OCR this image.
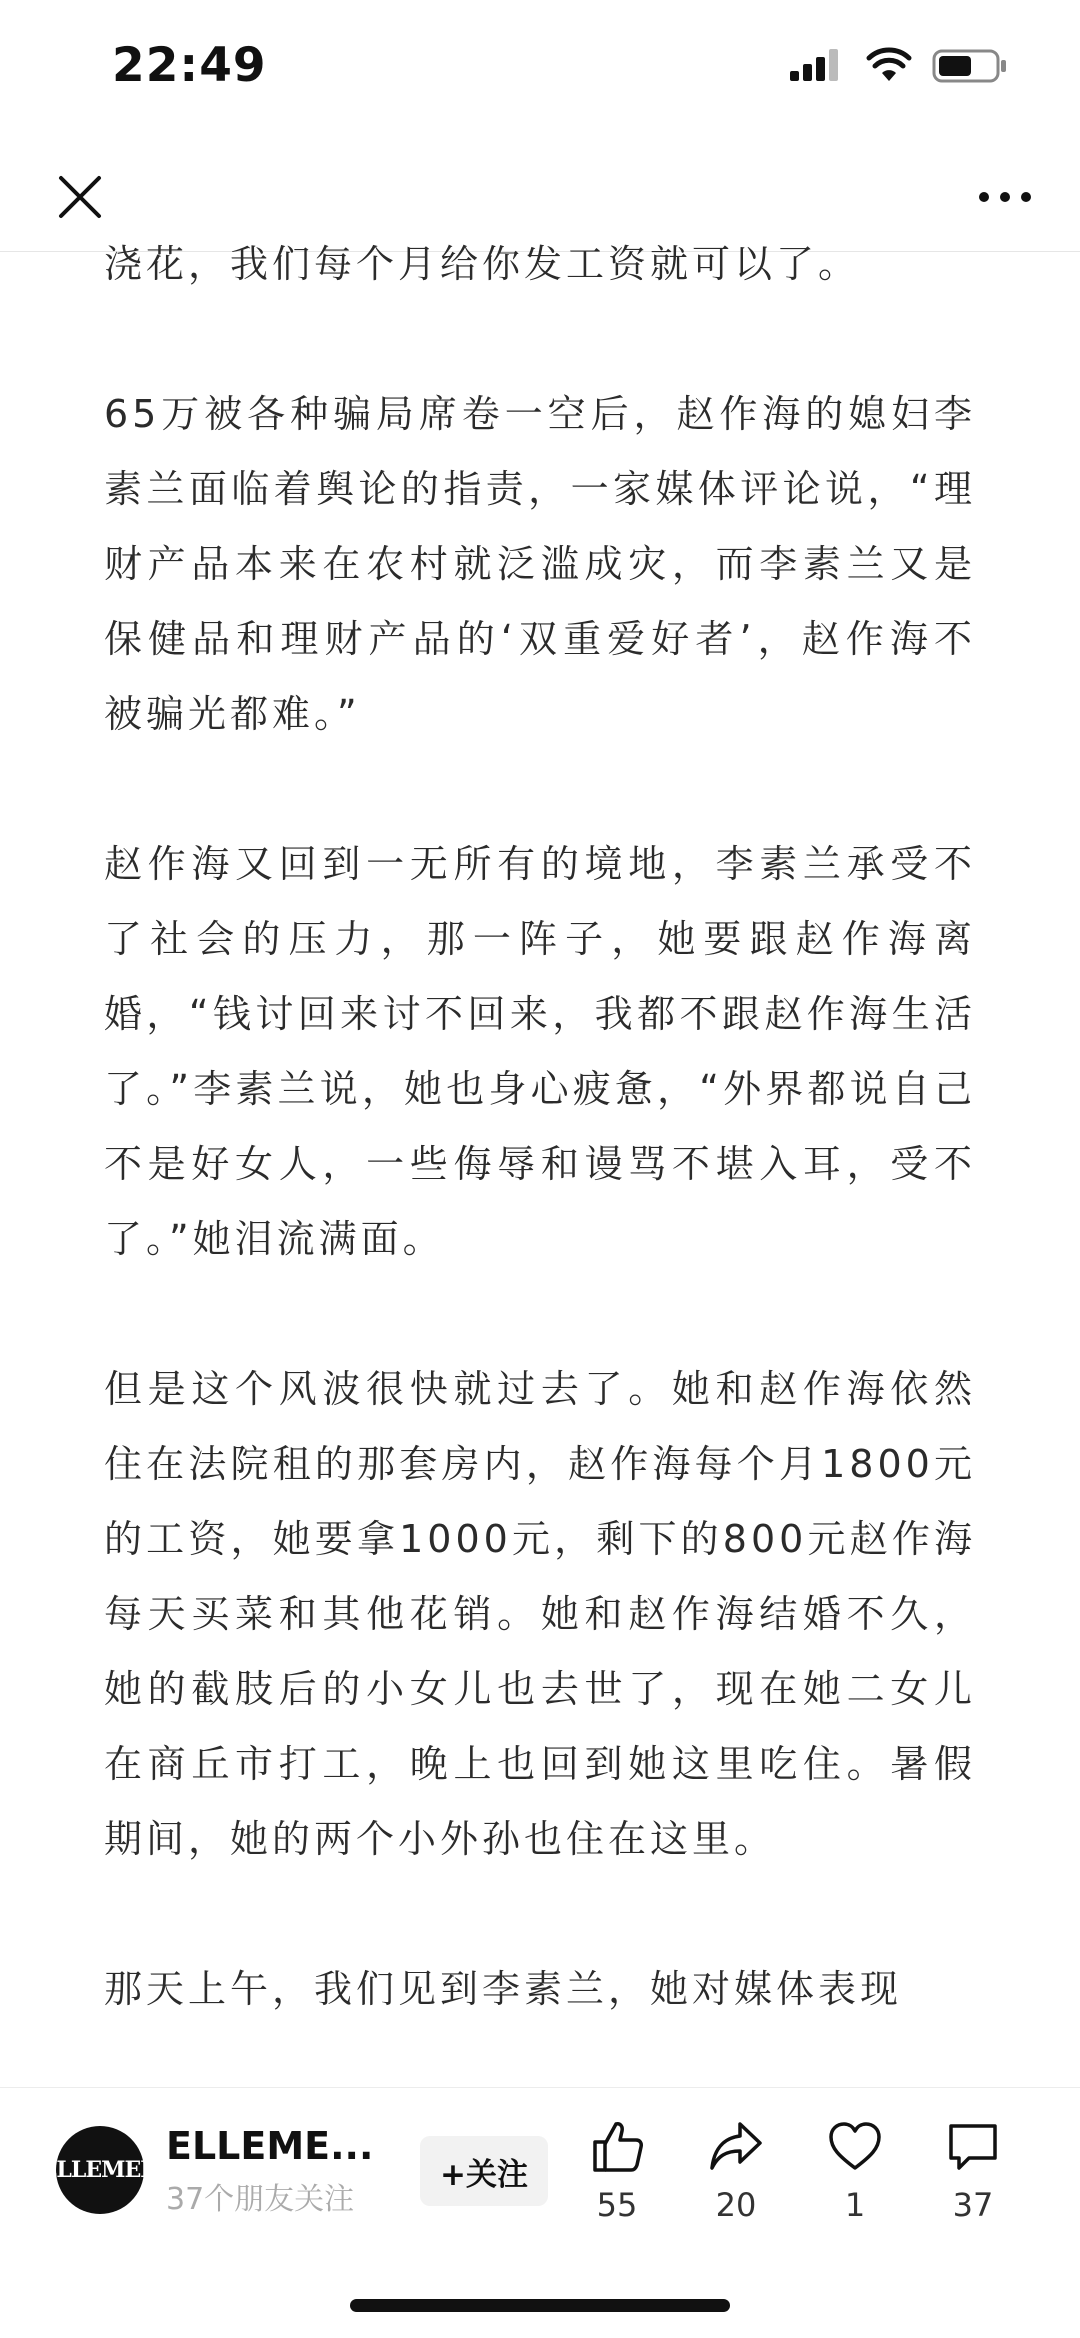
22:49

浇花，我们每个月给你发工资就可以了。

65万被各种骗局席卷一空后，赵作海的媳妇李素兰面临着舆论的指责，一家媒体评论说，“理财产品本来在农村就泛滥成灾，而李素兰又是保健品和理财产品的‘双重爱好者’，赵作海不被骗光都难。”

赵作海又回到一无所有的境地，李素兰承受不了社会的压力，那一阵子，她要跟赵作海离婚，“钱讨回来讨不回来，我都不跟赵作海生活了。”李素兰说，她也身心疲惫，“外界都说自己不是好女人，一些侮辱和谩骂不堪入耳，受不了。”她泪流满面。

但是这个风波很快就过去了。她和赵作海依然住在法院租的那套房内，赵作海每个月1800元的工资，她要拿1000元，剩下的800元赵作海每天买菜和其他花销。她和赵作海结婚不久，她的截肢后的小女儿也去世了，现在她二女儿在商丘市打工，晚上也回到她这里吃住。暑假期间，她的两个小外孙也住在这里。

那天上午，我们见到李素兰，她对媒体表现

ELLEMEN
ELLEME...
37个朋友关注
+关注
55	20	1	37
